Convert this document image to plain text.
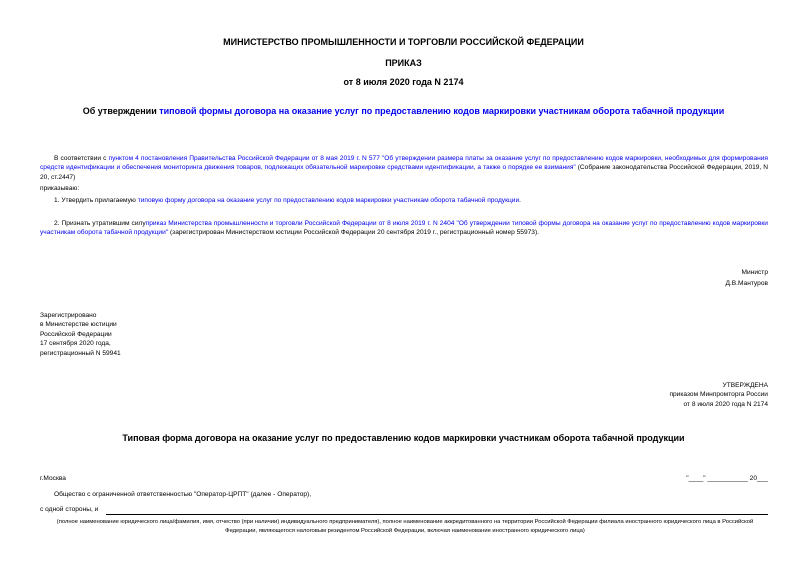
МИНИСТЕРСТВО ПРОМЫШЛЕННОСТИ И ТОРГОВЛИ РОССИЙСКОЙ ФЕДЕРАЦИИ
ПРИКАЗ
от 8 июля 2020 года N 2174
Об утверждении типовой формы договора на оказание услуг по предоставлению кодов маркировки участникам оборота табачной продукции
В соответствии с пунктом 4 постановления Правительства Российской Федерации от 8 мая 2019 г. N 577 "Об утверждении размера платы за оказание услуг по предоставлению кодов маркировки, необходимых для формирования средств идентификации и обеспечения мониторинга движения товаров, подлежащих обязательной маркировке средствами идентификации, а также о порядке ее взимания" (Собрание законодательства Российской Федерации, 2019, N 20, ст.2447)
приказываю:
1. Утвердить прилагаемую типовую форму договора на оказание услуг по предоставлению кодов маркировки участникам оборота табачной продукции.
2. Признать утратившим силуприказ Министерства промышленности и торговли Российской Федерации от 8 июля 2019 г. N 2404 "Об утверждении типовой формы договора на оказание услуг по предоставлению кодов маркировки участникам оборота табачной продукции" (зарегистрирован Министерством юстиции Российской Федерации 20 сентября 2019 г., регистрационный номер 55973).
Министр
Д.В.Мантуров
Зарегистрировано
в Министерстве юстиции
Российской Федерации
17 сентября 2020 года,
регистрационный N 59941
УТВЕРЖДЕНА
приказом Минпромторга России
от 8 июля 2020 года N 2174
Типовая форма договора на оказание услуг по предоставлению кодов маркировки участникам оборота табачной продукции
г.Москва	"____" ___________ 20___
Общество с ограниченной ответственностью "Оператор-ЦРПТ" (далее - Оператор),
с одной стороны, и
(полное наименование юридического лица/фамилия, имя, отчество (при наличии) индивидуального предпринимателя), полное наименование аккредитованного на территории Российской Федерации филиала иностранного юридического лица в Российской Федерации, являющегося налоговым резидентом Российской Федерации, включая наименование иностранного юридического лица)
